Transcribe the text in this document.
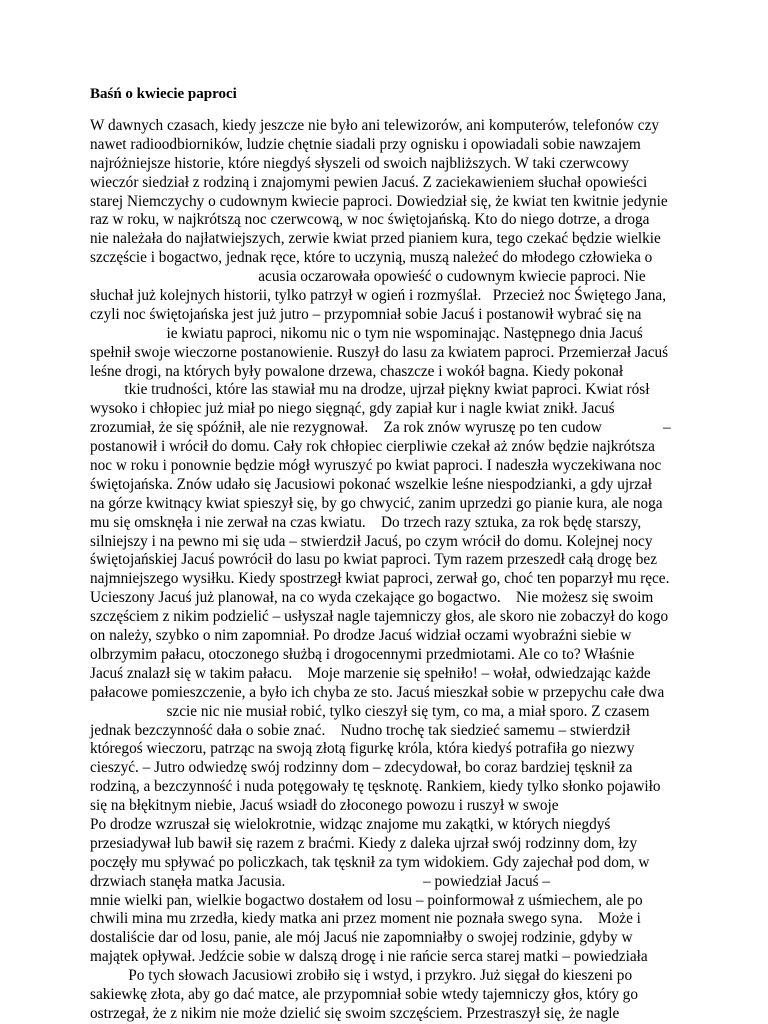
Baśń o kwiecie paproci
W dawnych czasach, kiedy jeszcze nie było ani telewizorów, ani komputerów, telefonów czy
nawet radioodbiorników, ludzie chętnie siadali przy ognisku i opowiadali sobie nawzajem
najróżniejsze historie, które niegdyś słyszeli od swoich najbliższych. W taki czerwcowy
wieczór siedział z rodziną i znajomymi pewien Jacuś. Z zaciekawieniem słuchał opowieści
starej Niemczychy o cudownym kwiecie paproci. Dowiedział się, że kwiat ten kwitnie jedynie
raz w roku, w najkrótszą noc czerwcową, w noc świętojańską. Kto do niego dotrze, a droga
nie należała do najłatwiejszych, zerwie kwiat przed pianiem kura, tego czekać będzie wielkie
szczęście i bogactwo, jednak ręce, które to uczynią, muszą należeć do młodego człowieka o
acusia oczarowała opowieść o cudownym kwiecie paproci. Nie
słuchał już kolejnych historii, tylko patrzył w ogień i rozmyślał.   Przecież noc Świętego Jana,
czyli noc świętojańska jest już jutro – przypomniał sobie Jacuś i postanowił wybrać się na
ie kwiatu paproci, nikomu nic o tym nie wspominając. Następnego dnia Jacuś
spełnił swoje wieczorne postanowienie. Ruszył do lasu za kwiatem paproci. Przemierzał Jacuś
leśne drogi, na których były powalone drzewa, chaszcze i wokół bagna. Kiedy pokonał
tkie trudności, które las stawiał mu na drodze, ujrzał piękny kwiat paproci. Kwiat rósł
wysoko i chłopiec już miał po niego sięgnąć, gdy zapiał kur i nagle kwiat znikł. Jacuś
zrozumiał, że się spóźnił, ale nie rezygnował.    Za rok znów wyruszę po ten cudow                –
postanowił i wrócił do domu. Cały rok chłopiec cierpliwie czekał aż znów będzie najkrótsza
noc w roku i ponownie będzie mógł wyruszyć po kwiat paproci. I nadeszła wyczekiwana noc
świętojańska. Znów udało się Jacusiowi pokonać wszelkie leśne niespodzianki, a gdy ujrzał
na górze kwitnący kwiat spieszył się, by go chwycić, zanim uprzedzi go pianie kura, ale noga
mu się omsknęła i nie zerwał na czas kwiatu.    Do trzech razy sztuka, za rok będę starszy,
silniejszy i na pewno mi się uda – stwierdził Jacuś, po czym wrócił do domu. Kolejnej nocy
świętojańskiej Jacuś powrócił do lasu po kwiat paproci. Tym razem przeszedł całą drogę bez
najmniejszego wysiłku. Kiedy spostrzegł kwiat paproci, zerwał go, choć ten poparzył mu ręce.
Ucieszony Jacuś już planował, na co wyda czekające go bogactwo.    Nie możesz się swoim
szczęściem z nikim podzielić – usłyszał nagle tajemniczy głos, ale skoro nie zobaczył do kogo
on należy, szybko o nim zapomniał. Po drodze Jacuś widział oczami wyobraźni siebie w
olbrzymim pałacu, otoczonego służbą i drogocennymi przedmiotami. Ale co to? Właśnie
Jacuś znalazł się w takim pałacu.    Moje marzenie się spełniło! – wołał, odwiedzając każde
pałacowe pomieszczenie, a było ich chyba ze sto. Jacuś mieszkał sobie w przepychu całe dwa
szcie nic nie musiał robić, tylko cieszył się tym, co ma, a miał sporo. Z czasem
jednak bezczynność dała o sobie znać.    Nudno trochę tak siedzieć samemu – stwierdził
któregoś wieczoru, patrząc na swoją złotą figurkę króla, która kiedyś potrafiła go niezwy
cieszyć. – Jutro odwiedzę swój rodzinny dom – zdecydował, bo coraz bardziej tęsknił za
rodziną, a bezczynność i nuda potęgowały tę tęsknotę. Rankiem, kiedy tylko słonko pojawiło
się na błękitnym niebie, Jacuś wsiadł do złoconego powozu i ruszył w swoje
Po drodze wzruszał się wielokrotnie, widząc znajome mu zakątki, w których niegdyś
przesiadywał lub bawił się razem z braćmi. Kiedy z daleka ujrzał swój rodzinny dom, łzy
poczęły mu spływać po policzkach, tak tęsknił za tym widokiem. Gdy zajechał pod dom, w
drzwiach stanęła matka Jacusia.                                    – powiedział Jacuś –
mnie wielki pan, wielkie bogactwo dostałem od losu – poinformował z uśmiechem, ale po
chwili mina mu zrzedła, kiedy matka ani przez moment nie poznała swego syna.    Może i
dostaliście dar od losu, panie, ale mój Jacuś nie zapomniałby o swojej rodzinie, gdyby w
majątek opływał. Jedźcie sobie w dalszą drogę i nie rańcie serca starej matki – powiedziała
Po tych słowach Jacusiowi zrobiło się i wstyd, i przykro. Już sięgał do kieszeni po
sakiewkę złota, aby go dać matce, ale przypomniał sobie wtedy tajemniczy głos, który go
ostrzegał, że z nikim nie może dzielić się swoim szczęściem. Przestraszył się, że nagle
